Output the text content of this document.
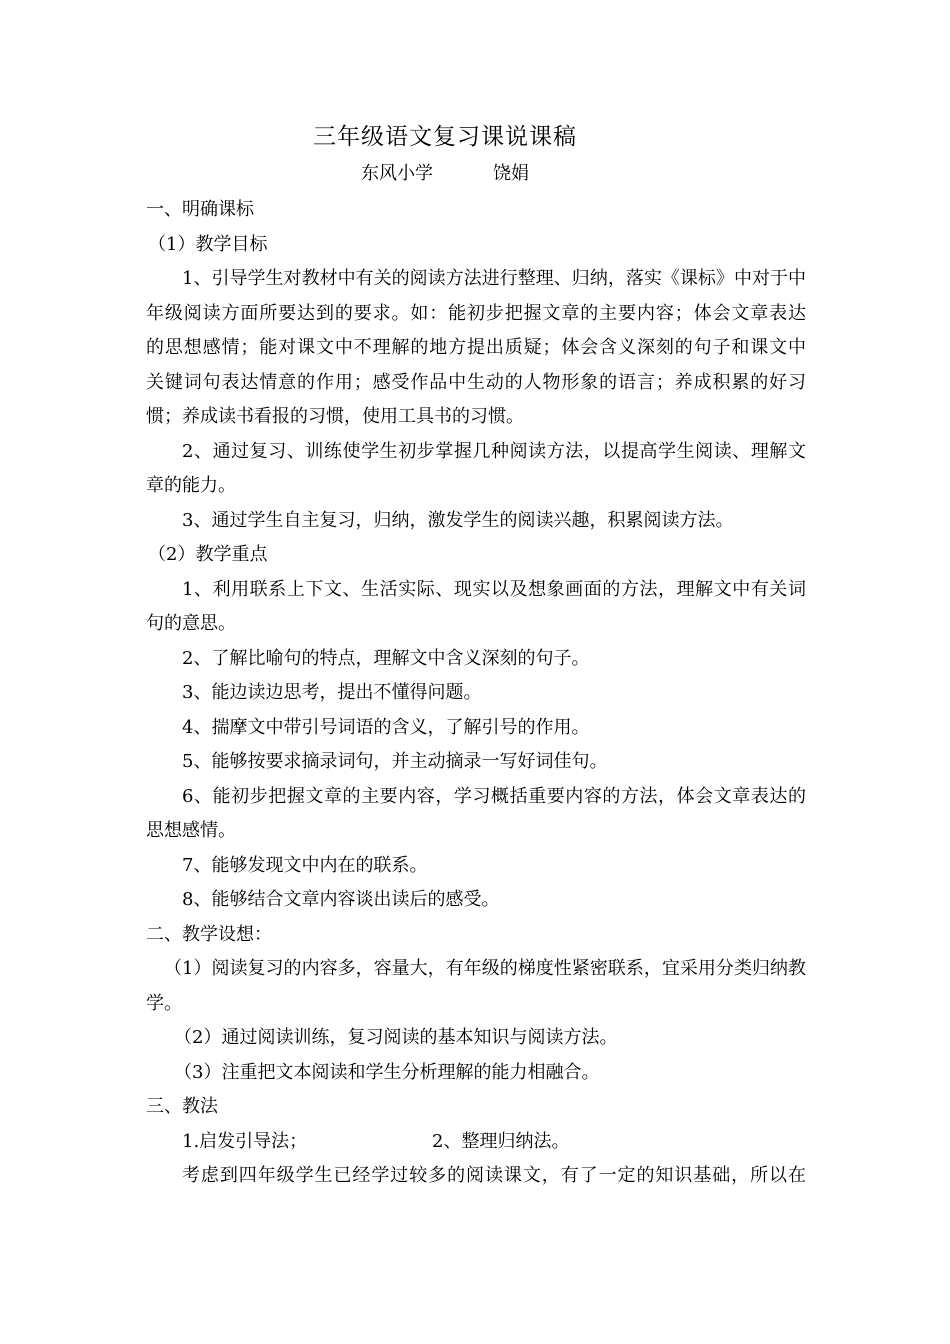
三年级语文复习课说课稿
东风小学	饶娟
一、明确课标
（1）教学目标
1、引导学生对教材中有关的阅读方法进行整理、归纳，落实《课标》中对于中
年级阅读方面所要达到的要求。如：能初步把握文章的主要内容；体会文章表达
的思想感情；能对课文中不理解的地方提出质疑；体会含义深刻的句子和课文中
关键词句表达情意的作用；感受作品中生动的人物形象的语言；养成积累的好习
惯；养成读书看报的习惯，使用工具书的习惯。
2、通过复习、训练使学生初步掌握几种阅读方法，以提高学生阅读、理解文
章的能力。
3、通过学生自主复习，归纳，激发学生的阅读兴趣，积累阅读方法。
（2）教学重点
1、利用联系上下文、生活实际、现实以及想象画面的方法，理解文中有关词
句的意思。
2、了解比喻句的特点，理解文中含义深刻的句子。
3、能边读边思考，提出不懂得问题。
4、揣摩文中带引号词语的含义，了解引号的作用。
5、能够按要求摘录词句，并主动摘录一写好词佳句。
6、能初步把握文章的主要内容，学习概括重要内容的方法，体会文章表达的
思想感情。
7、能够发现文中内在的联系。
8、能够结合文章内容谈出读后的感受。
二、教学设想：
（1）阅读复习的内容多，容量大，有年级的梯度性紧密联系，宜采用分类归纳教
学。
（2）通过阅读训练，复习阅读的基本知识与阅读方法。
（3）注重把文本阅读和学生分析理解的能力相融合。
三、教法
1.启发引导法；	2、整理归纳法。
考虑到四年级学生已经学过较多的阅读课文，有了一定的知识基础，所以在
